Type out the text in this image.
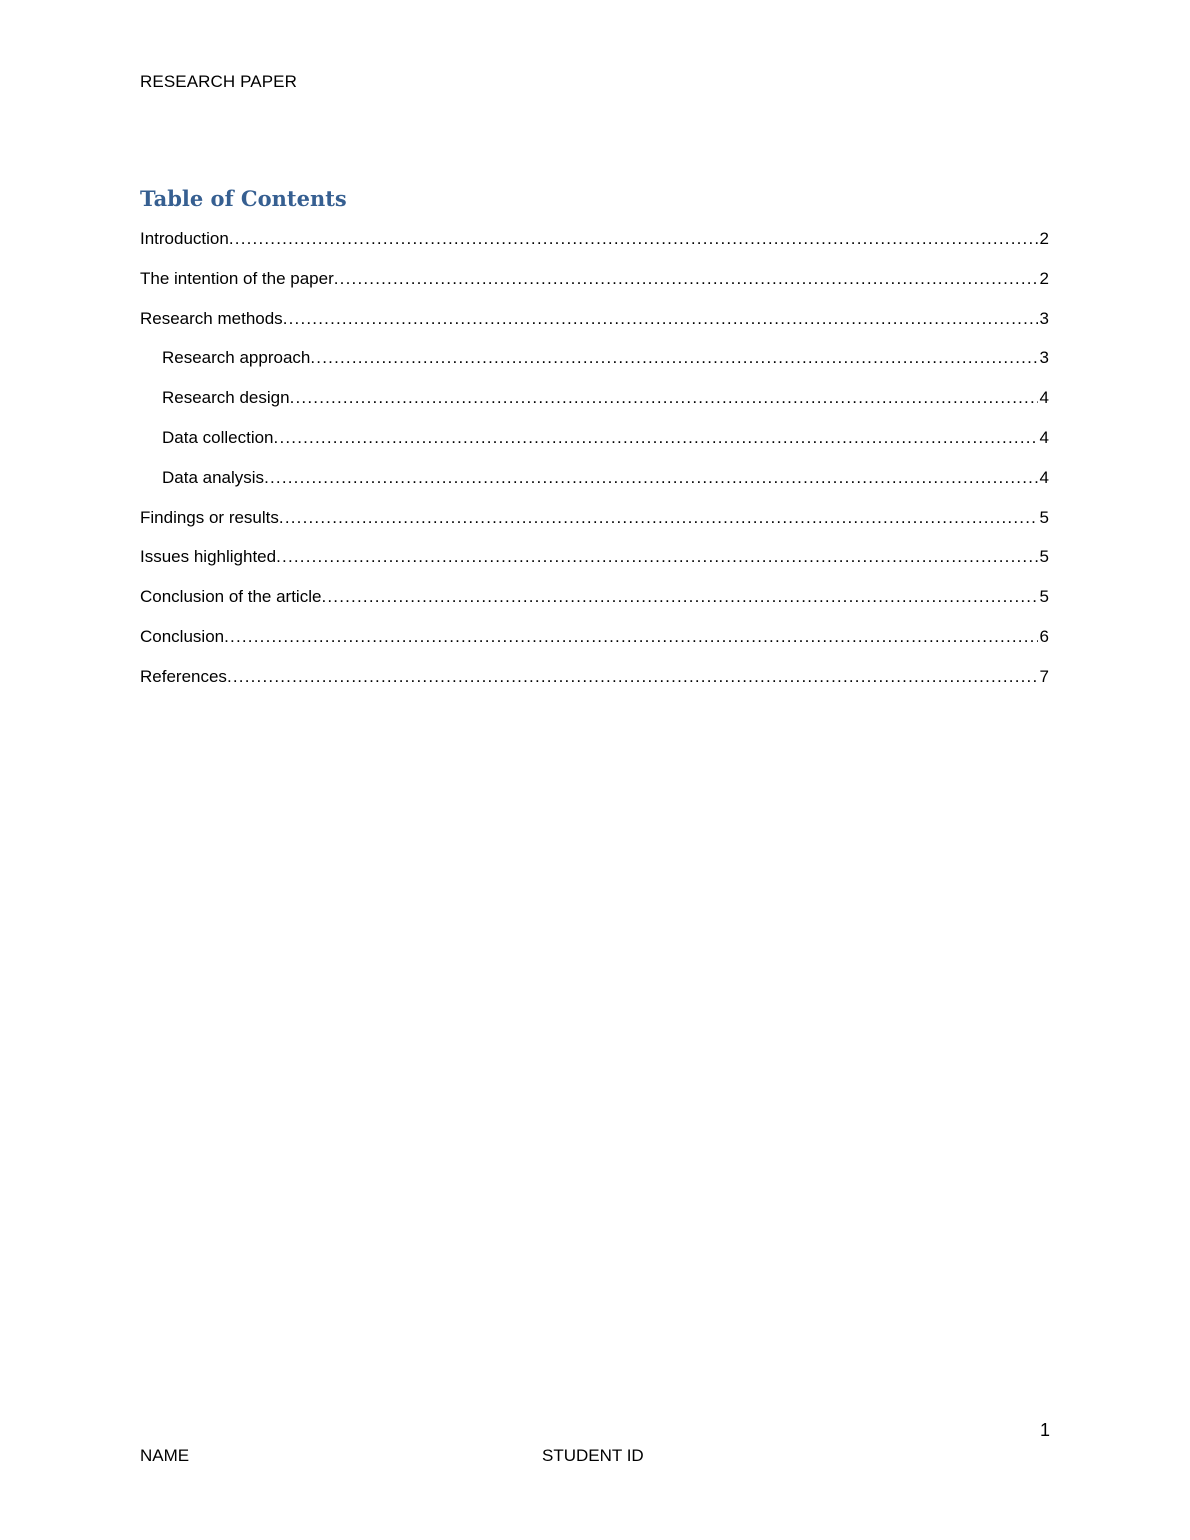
RESEARCH PAPER
Table of Contents
Introduction .....	2
The intention of the paper .....	2
Research methods .....	3
Research approach .....	3
Research design .....	4
Data collection .....	4
Data analysis .....	4
Findings or results .....	5
Issues highlighted .....	5
Conclusion of the article .....	5
Conclusion .....	6
References .....	7
1
NAME	STUDENT ID
